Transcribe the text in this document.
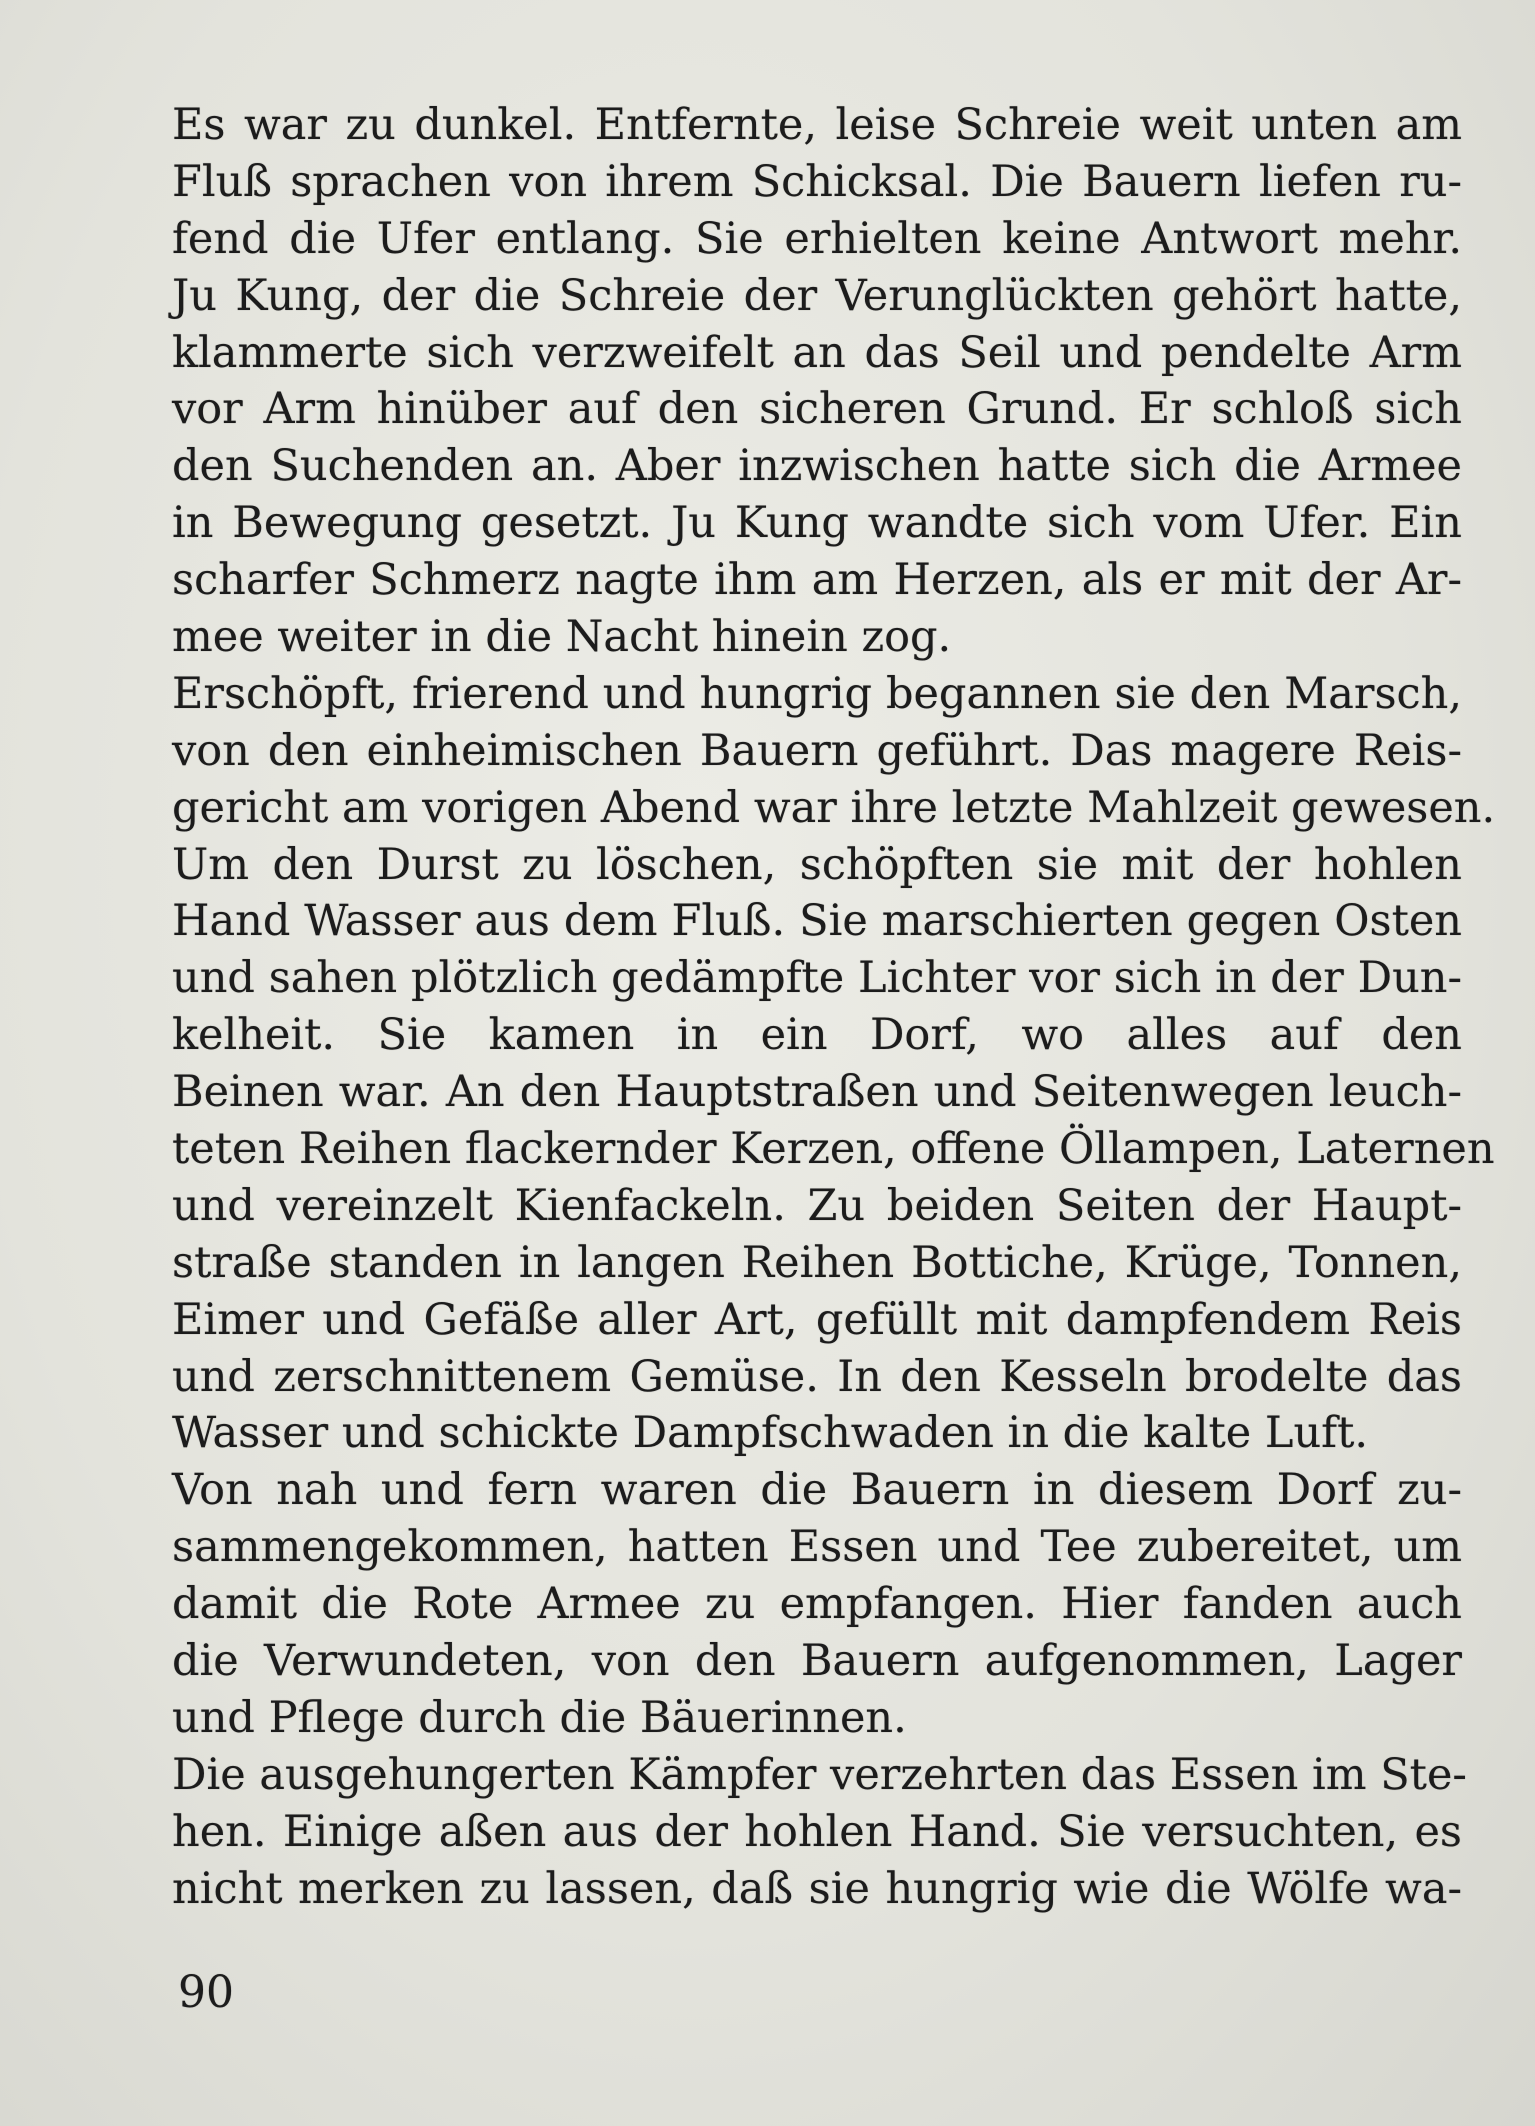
Es war zu dunkel. Entfernte, leise Schreie weit unten am
Fluß sprachen von ihrem Schicksal. Die Bauern liefen ru-
fend die Ufer entlang. Sie erhielten keine Antwort mehr.
Ju Kung, der die Schreie der Verunglückten gehört hatte,
klammerte sich verzweifelt an das Seil und pendelte Arm
vor Arm hinüber auf den sicheren Grund. Er schloß sich
den Suchenden an. Aber inzwischen hatte sich die Armee
in Bewegung gesetzt. Ju Kung wandte sich vom Ufer. Ein
scharfer Schmerz nagte ihm am Herzen, als er mit der Ar-
mee weiter in die Nacht hinein zog.
Erschöpft, frierend und hungrig begannen sie den Marsch,
von den einheimischen Bauern geführt. Das magere Reis-
gericht am vorigen Abend war ihre letzte Mahlzeit gewesen.
Um den Durst zu löschen, schöpften sie mit der hohlen
Hand Wasser aus dem Fluß. Sie marschierten gegen Osten
und sahen plötzlich gedämpfte Lichter vor sich in der Dun-
kelheit. Sie kamen in ein Dorf, wo alles auf den
Beinen war. An den Hauptstraßen und Seitenwegen leuch-
teten Reihen flackernder Kerzen, offene Öllampen, Laternen
und vereinzelt Kienfackeln. Zu beiden Seiten der Haupt-
straße standen in langen Reihen Bottiche, Krüge, Tonnen,
Eimer und Gefäße aller Art, gefüllt mit dampfendem Reis
und zerschnittenem Gemüse. In den Kesseln brodelte das
Wasser und schickte Dampfschwaden in die kalte Luft.
Von nah und fern waren die Bauern in diesem Dorf zu-
sammengekommen, hatten Essen und Tee zubereitet, um
damit die Rote Armee zu empfangen. Hier fanden auch
die Verwundeten, von den Bauern aufgenommen, Lager
und Pflege durch die Bäuerinnen.
Die ausgehungerten Kämpfer verzehrten das Essen im Ste-
hen. Einige aßen aus der hohlen Hand. Sie versuchten, es
nicht merken zu lassen, daß sie hungrig wie die Wölfe wa-
90
